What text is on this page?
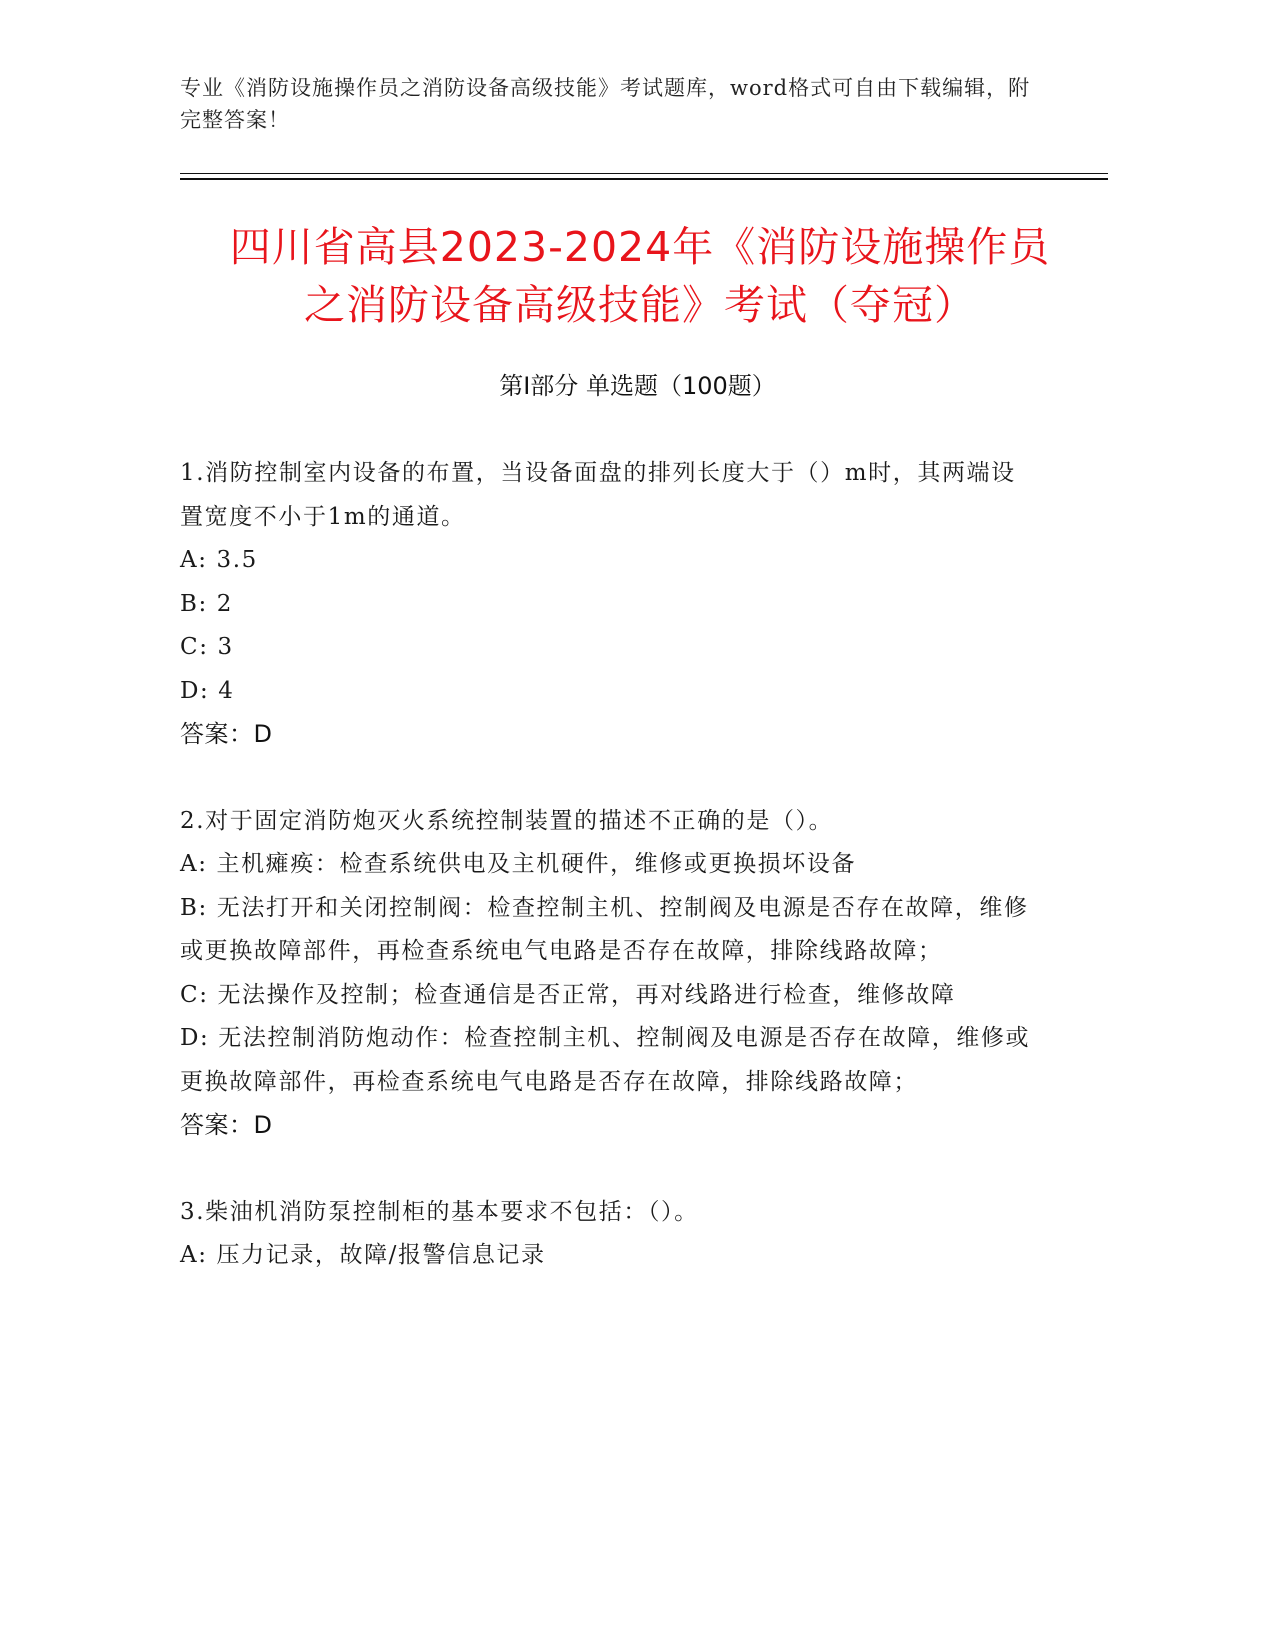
专业《消防设施操作员之消防设备高级技能》考试题库，word格式可自由下载编辑，附完整答案！
四川省高县2023-2024年《消防设施操作员
之消防设备高级技能》考试（夺冠）
第I部分 单选题（100题）

1.消防控制室内设备的布置，当设备面盘的排列长度大于（）m时，其两端设置宽度不小于1m的通道。

A: 3.5

B: 2

C: 3

D: 4

答案：D

2.对于固定消防炮灭火系统控制装置的描述不正确的是（）。

A: 主机瘫痪：检查系统供电及主机硬件，维修或更换损坏设备

B: 无法打开和关闭控制阀：检查控制主机、控制阀及电源是否存在故障，维修或更换故障部件，再检查系统电气电路是否存在故障，排除线路故障；

C: 无法操作及控制；检查通信是否正常，再对线路进行检查，维修故障

D: 无法控制消防炮动作：检查控制主机、控制阀及电源是否存在故障，维修或更换故障部件，再检查系统电气电路是否存在故障，排除线路故障；

答案：D

3.柴油机消防泵控制柜的基本要求不包括：（）。

A: 压力记录，故障/报警信息记录
